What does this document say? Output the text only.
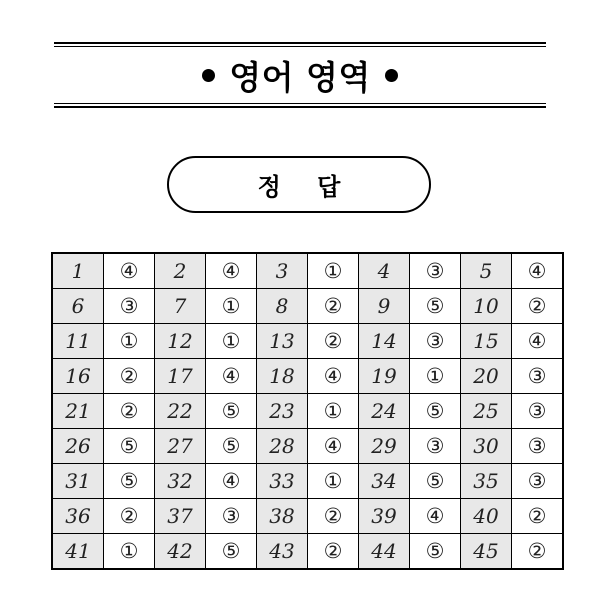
영어 영역
정 답
1	④	2	④	3	①	4	③	5	④
6	③	7	①	8	②	9	⑤	10	②
11	①	12	①	13	②	14	③	15	④
16	②	17	④	18	④	19	①	20	③
21	②	22	⑤	23	①	24	⑤	25	③
26	⑤	27	⑤	28	④	29	③	30	③
31	⑤	32	④	33	①	34	⑤	35	③
36	②	37	③	38	②	39	④	40	②
41	①	42	⑤	43	②	44	⑤	45	②
